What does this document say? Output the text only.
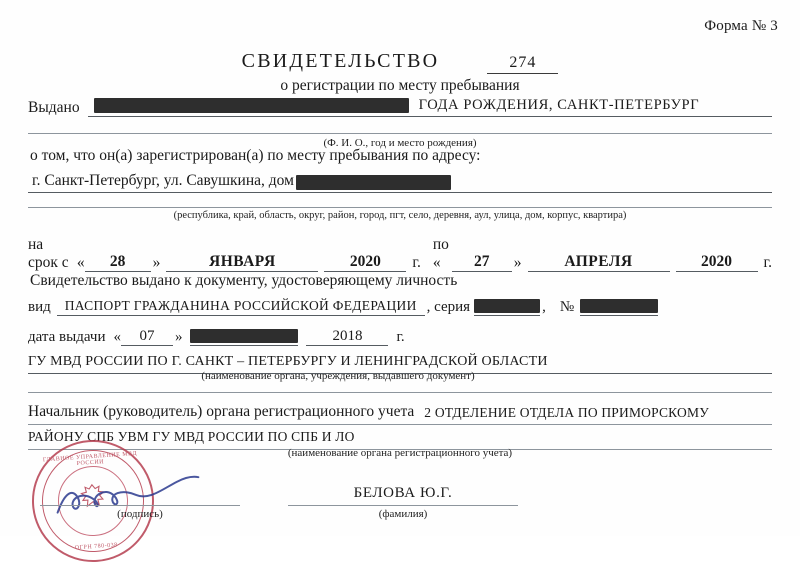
Форма № 3
СВИДЕТЕЛЬСТВО	274
о регистрации по месту пребывания
Выдано	ГОДА РОЖДЕНИЯ, САНКТ-ПЕТЕРБУРГ
(Ф. И. О., год и место рождения)
о том, что он(а) зарегистрирован(а) по месту пребывания по адресу:
г. Санкт-Петербург, ул. Савушкина, дом
(республика, край, область, округ, район, город, пгт, село, деревня, аул, улица, дом, корпус, квартира)
на срок с «	28	»	ЯНВАРЯ	2020	г.
по «	27	»	АПРЕЛЯ	2020	г.
Свидетельство выдано к документу, удостоверяющему личность
вид	ПАСПОРТ ГРАЖДАНИНА РОССИЙСКОЙ ФЕДЕРАЦИИ , серия	, №
дата выдачи «	07	»	2018	г.
ГУ МВД РОССИИ ПО Г. САНКТ – ПЕТЕРБУРГУ И ЛЕНИНГРАДСКОЙ ОБЛАСТИ
(наименование органа, учреждения, выдавшего документ)
Начальник (руководитель) органа регистрационного учета 2 ОТДЕЛЕНИЕ ОТДЕЛА ПО ПРИМОРСКОМУ
РАЙОНУ СПБ УВМ ГУ МВД РОССИИ ПО СПБ И ЛО
(наименование органа регистрационного учета)
ГЛАВНОЕ УПРАВЛЕНИЕ МВД РОССИИ
ОГРН 780-038
(подпись)
БЕЛОВА Ю.Г.
(фамилия)
